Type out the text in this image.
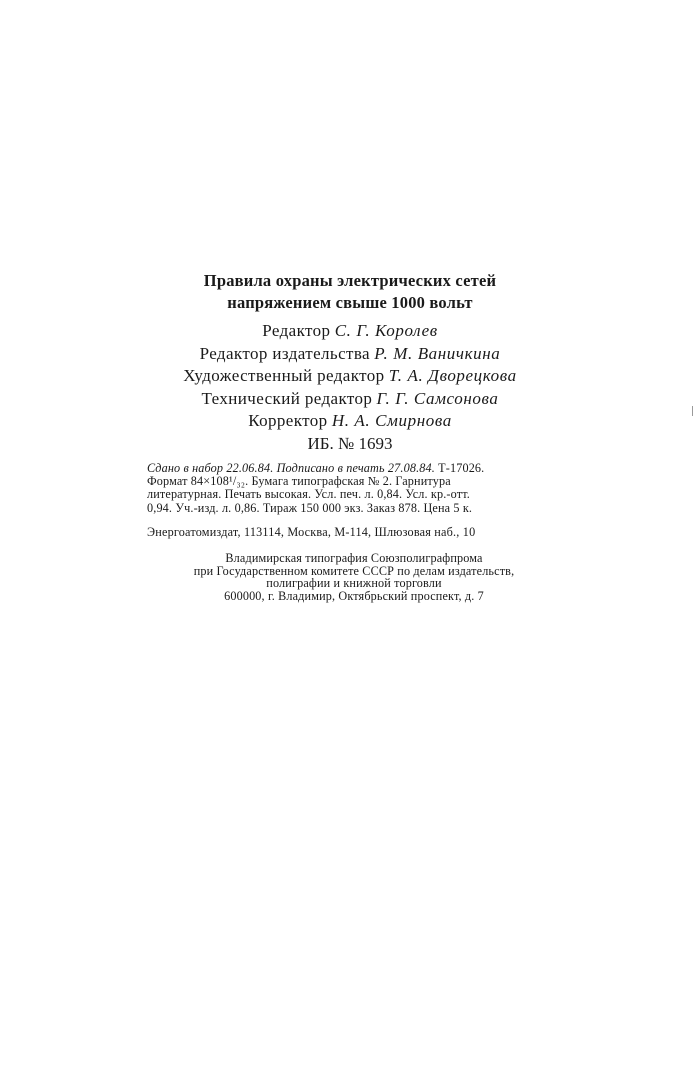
Правила охраны электрических сетей
напряжением свыше 1000 вольт
Редактор С. Г. Королев
Редактор издательства Р. М. Ваничкина
Художественный редактор Т. А. Дворецкова
Технический редактор Г. Г. Самсонова
Корректор Н. А. Смирнова
ИБ. № 1693
Сдано в набор 22.06.84. Подписано в печать 27.08.84. Т-17026.
Формат 84×108¹/₃₂. Бумага типографская № 2. Гарнитура
литературная. Печать высокая. Усл. печ. л. 0,84. Усл. кр.-отт.
0,94. Уч.-изд. л. 0,86. Тираж 150 000 экз. Заказ 878. Цена 5 к.
Энергоатомиздат, 113114, Москва, М-114, Шлюзовая наб., 10
Владимирская типография Союзполиграфпрома
при Государственном комитете СССР по делам издательств,
полиграфии и книжной торговли
600000, г. Владимир, Октябрьский проспект, д. 7
